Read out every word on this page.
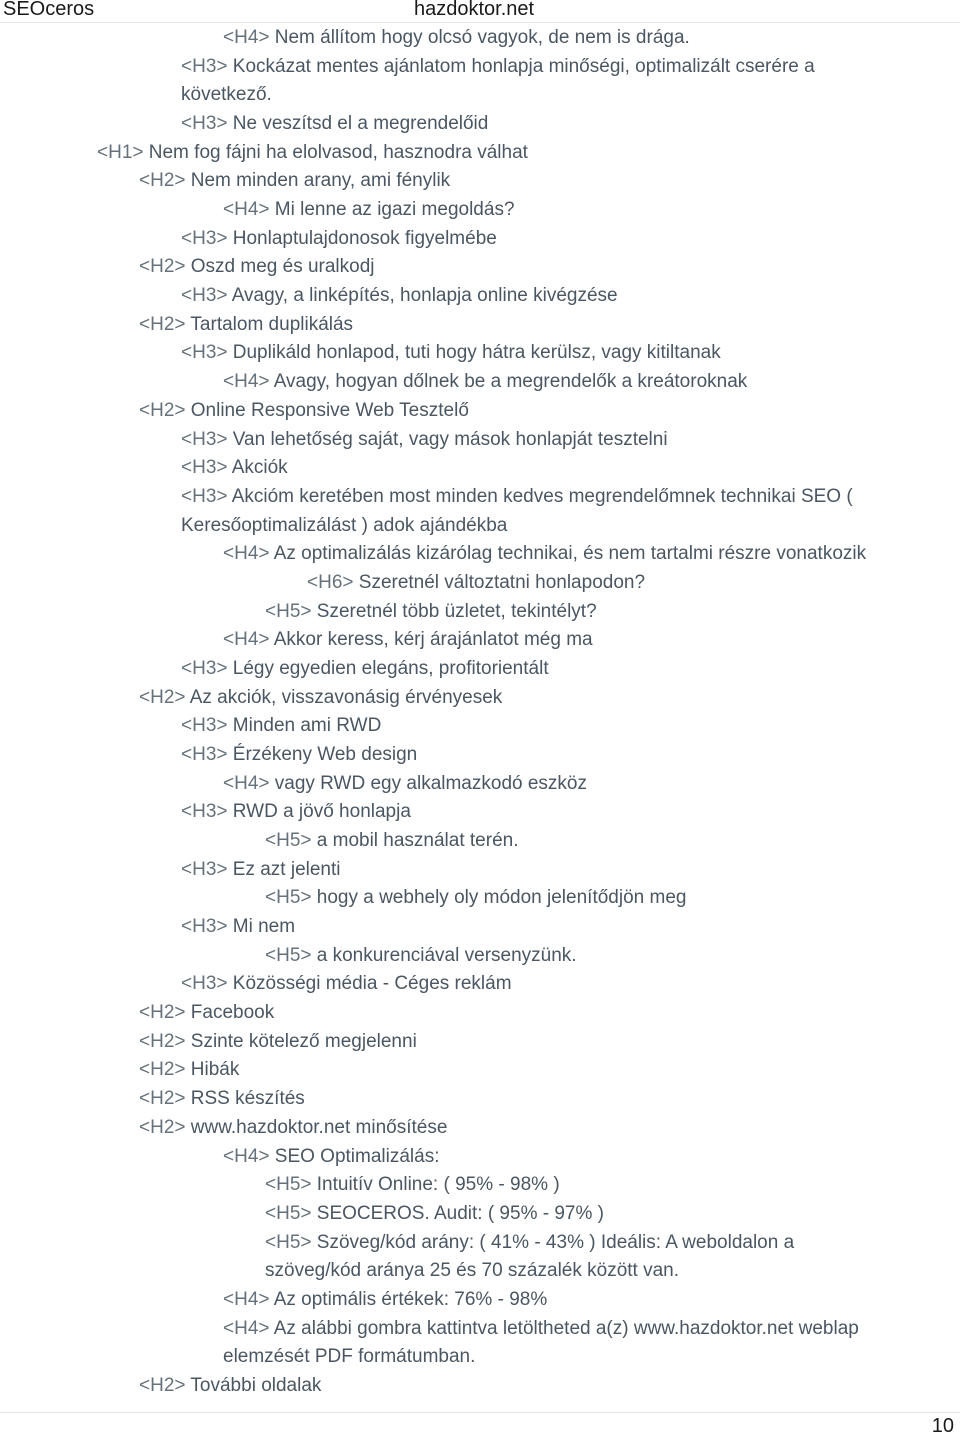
SEOceros	hazdoktor.net
<H4> Nem állítom hogy olcsó vagyok, de nem is drága.
<H3> Kockázat mentes ajánlatom honlapja minőségi, optimalizált cserére a
következő.
<H3> Ne veszítsd el a megrendelőid
<H1> Nem fog fájni ha elolvasod, hasznodra válhat
<H2> Nem minden arany, ami fénylik
<H4> Mi lenne az igazi megoldás?
<H3> Honlaptulajdonosok figyelmébe
<H2> Oszd meg és uralkodj
<H3> Avagy, a linképítés, honlapja online kivégzése
<H2> Tartalom duplikálás
<H3> Duplikáld honlapod, tuti hogy hátra kerülsz, vagy kitiltanak
<H4> Avagy, hogyan dőlnek be a megrendelők a kreátoroknak
<H2> Online Responsive Web Tesztelő
<H3> Van lehetőség saját, vagy mások honlapját tesztelni
<H3> Akciók
<H3> Akcióm keretében most minden kedves megrendelőmnek technikai SEO (
Keresőoptimalizálást ) adok ajándékba
<H4> Az optimalizálás kizárólag technikai, és nem tartalmi részre vonatkozik
<H6> Szeretnél változtatni honlapodon?
<H5> Szeretnél több üzletet, tekintélyt?
<H4> Akkor keress, kérj árajánlatot még ma
<H3> Légy egyedien elegáns, profitorientált
<H2> Az akciók, visszavonásig érvényesek
<H3> Minden ami RWD
<H3> Érzékeny Web design
<H4> vagy RWD egy alkalmazkodó eszköz
<H3> RWD a jövő honlapja
<H5> a mobil használat terén.
<H3> Ez azt jelenti
<H5> hogy a webhely oly módon jelenítődjön meg
<H3> Mi nem
<H5> a konkurenciával versenyzünk.
<H3> Közösségi média - Céges reklám
<H2> Facebook
<H2> Szinte kötelező megjelenni
<H2> Hibák
<H2> RSS készítés
<H2> www.hazdoktor.net minősítése
<H4> SEO Optimalizálás:
<H5> Intuitív Online: ( 95% - 98% )
<H5> SEOCEROS. Audit: ( 95% - 97% )
<H5> Szöveg/kód arány: ( 41% - 43% ) Ideális: A weboldalon a
szöveg/kód aránya 25 és 70 százalék között van.
<H4> Az optimális értékek: 76% - 98%
<H4> Az alábbi gombra kattintva letöltheted a(z) www.hazdoktor.net weblap
elemzését PDF formátumban.
<H2> További oldalak
10
